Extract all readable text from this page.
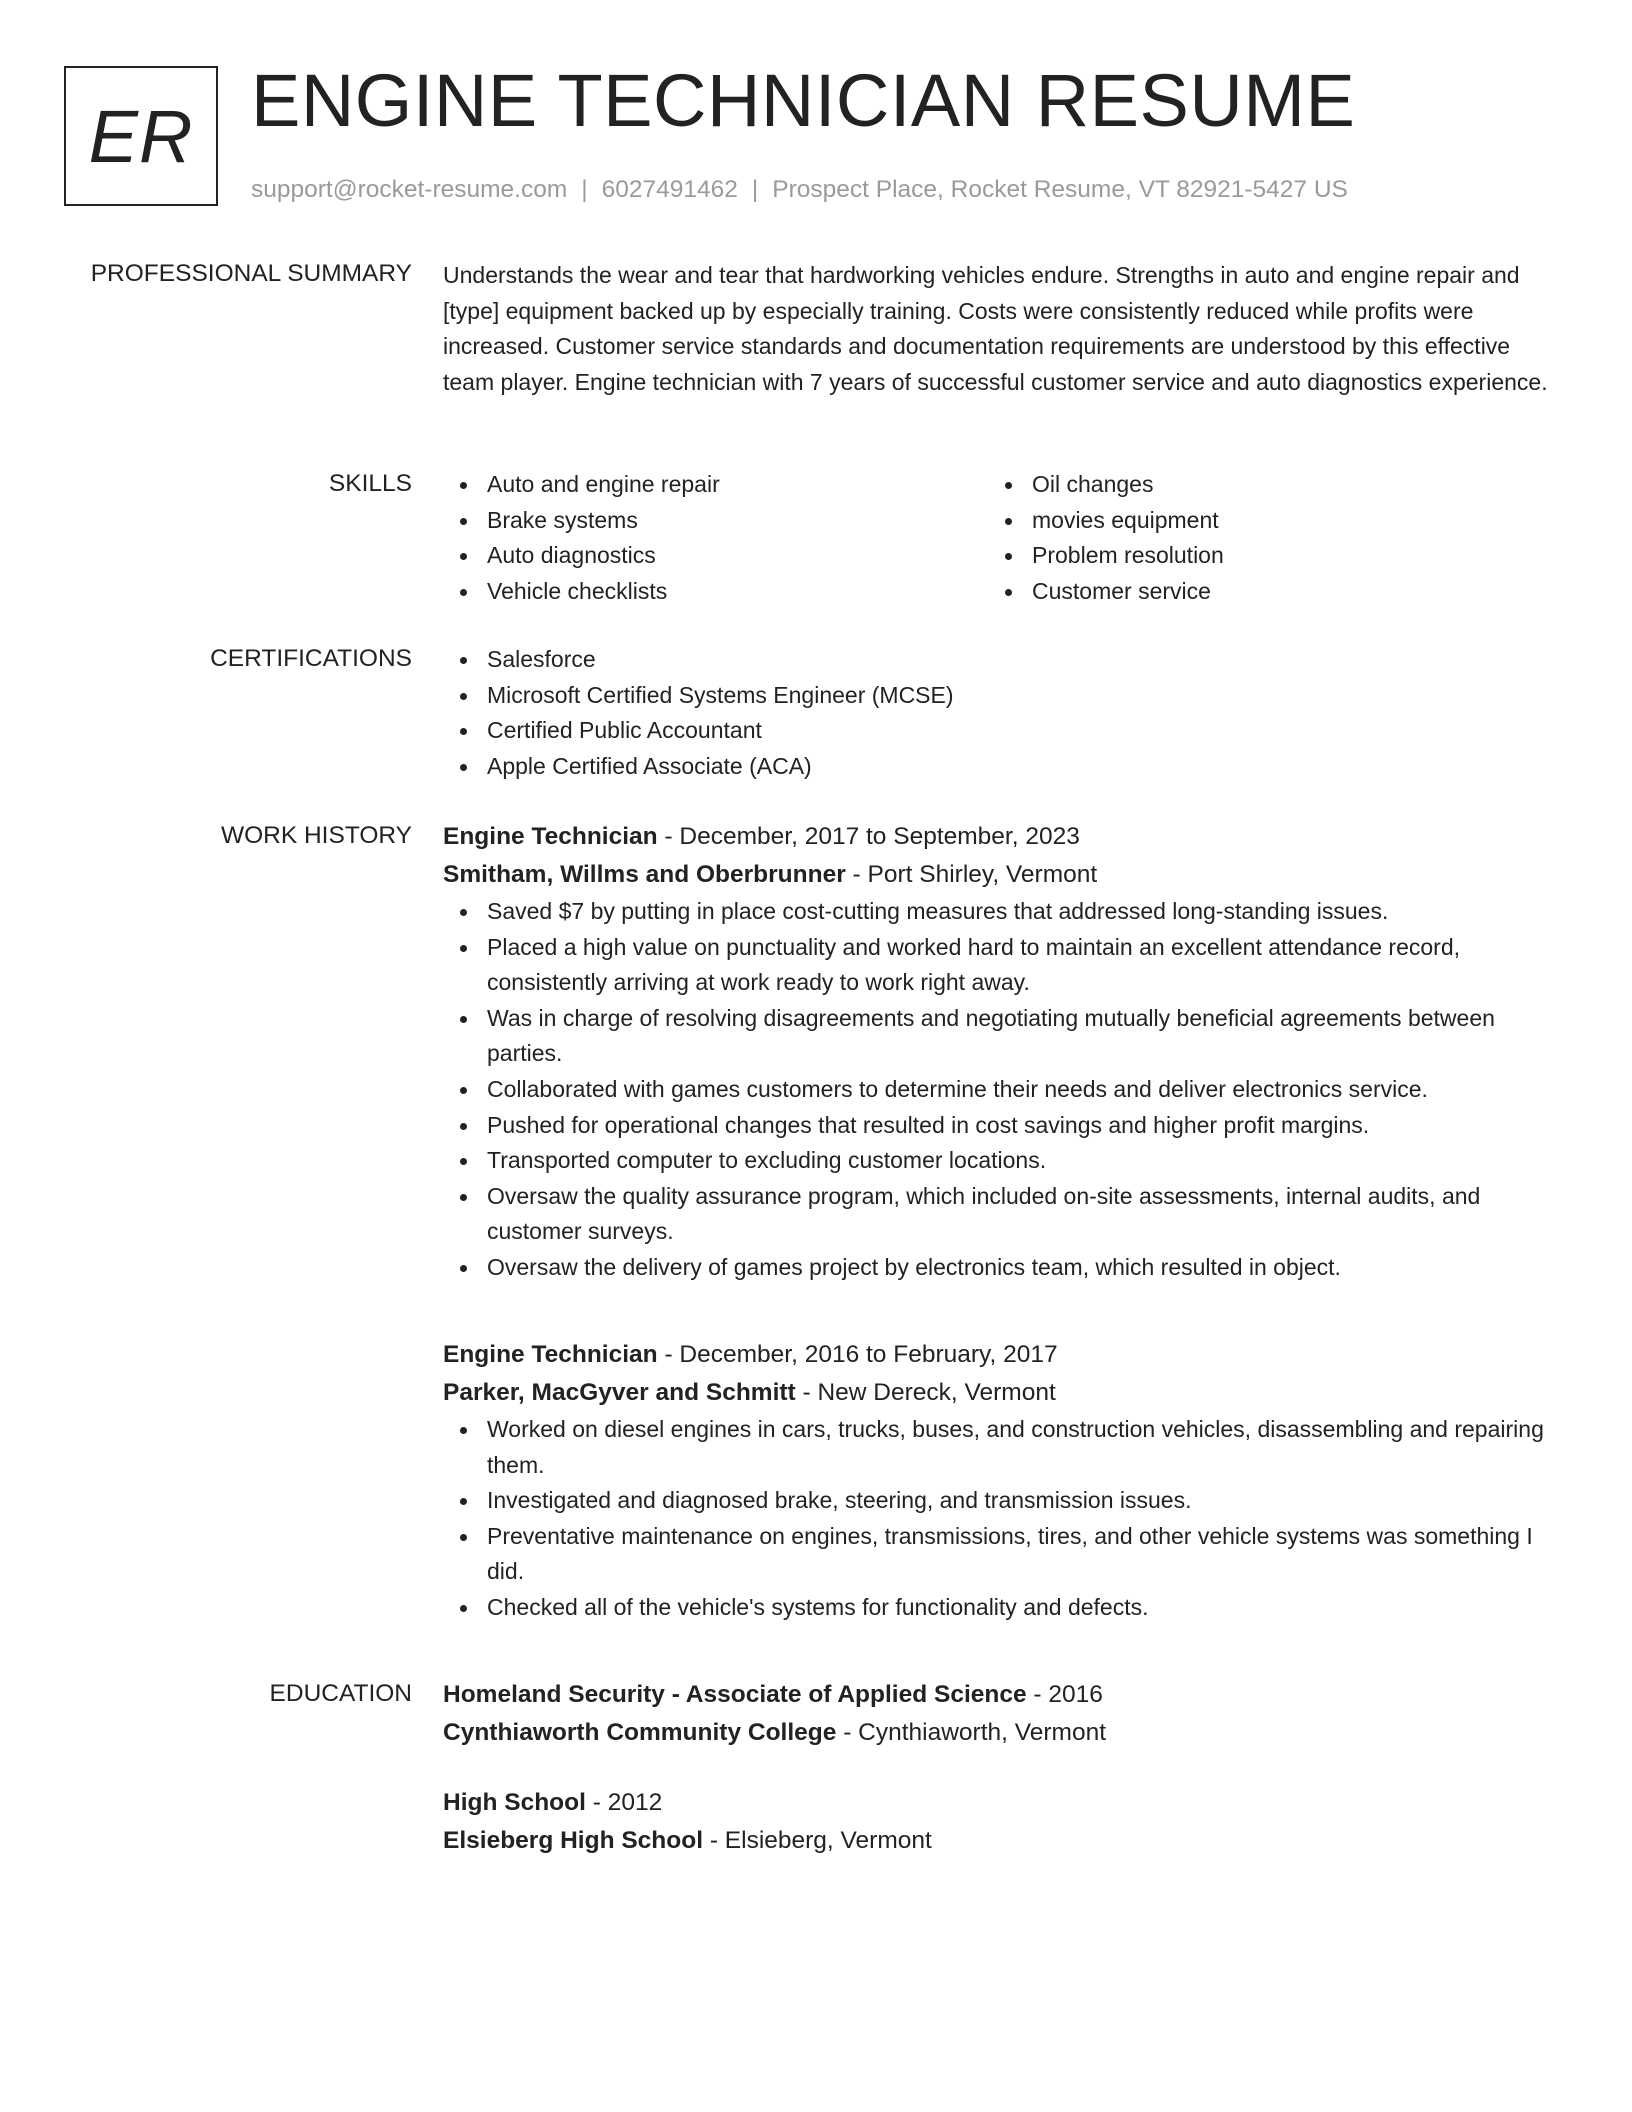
ER ENGINE TECHNICIAN RESUME
support@rocket-resume.com | 6027491462 | Prospect Place, Rocket Resume, VT 82921-5427 US
PROFESSIONAL SUMMARY Understands the wear and tear that hardworking vehicles endure. Strengths in auto and engine repair and [type] equipment backed up by especially training. Costs were consistently reduced while profits were increased. Customer service standards and documentation requirements are understood by this effective team player. Engine technician with 7 years of successful customer service and auto diagnostics experience.

SKILLS	Auto and engine repair
Brake systems
Auto diagnostics
Vehicle checklists
Oil changes
movies equipment
Problem resolution
Customer service
CERTIFICATIONS	Salesforce
Microsoft Certified Systems Engineer (MCSE)
Certified Public Accountant
Apple Certified Associate (ACA)
WORK HISTORY Engine Technician - December, 2017 to September, 2023
Smitham, Willms and Oberbrunner - Port Shirley, Vermont
Saved $7 by putting in place cost-cutting measures that addressed long-standing issues.
Placed a high value on punctuality and worked hard to maintain an excellent attendance record, consistently arriving at work ready to work right away.
Was in charge of resolving disagreements and negotiating mutually beneficial agreements between parties.
Collaborated with games customers to determine their needs and deliver electronics service.
Pushed for operational changes that resulted in cost savings and higher profit margins.
Transported computer to excluding customer locations.
Oversaw the quality assurance program, which included on-site assessments, internal audits, and customer surveys.
Oversaw the delivery of games project by electronics team, which resulted in object.
Engine Technician - December, 2016 to February, 2017
Parker, MacGyver and Schmitt - New Dereck, Vermont
Worked on diesel engines in cars, trucks, buses, and construction vehicles, disassembling and repairing them.
Investigated and diagnosed brake, steering, and transmission issues.
Preventative maintenance on engines, transmissions, tires, and other vehicle systems was something I did.
Checked all of the vehicle's systems for functionality and defects.
EDUCATION Homeland Security - Associate of Applied Science - 2016
Cynthiaworth Community College - Cynthiaworth, Vermont
High School - 2012
Elsieberg High School - Elsieberg, Vermont
